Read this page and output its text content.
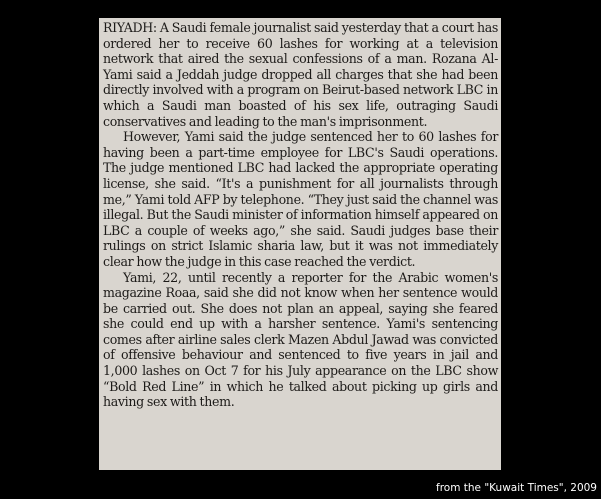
RIYADH: A Saudi female journalist said yesterday that a court has ordered her to receive 60 lashes for working at a television network that aired the sexual confessions of a man. Rozana Al-Yami said a Jeddah judge dropped all charges that she had been directly involved with a program on Beirut-based network LBC in which a Saudi man boasted of his sex life, outraging Saudi conservatives and leading to the man's imprisonment.

However, Yami said the judge sentenced her to 60 lashes for having been a part-time employee for LBC's Saudi operations. The judge mentioned LBC had lacked the appropriate operating license, she said. “It's a punishment for all journalists through me,” Yami told AFP by telephone. “They just said the channel was illegal. But the Saudi minister of information himself appeared on LBC a couple of weeks ago,” she said. Saudi judges base their rulings on strict Islamic sharia law, but it was not immediately clear how the judge in this case reached the verdict.

Yami, 22, until recently a reporter for the Arabic women's magazine Roaa, said she did not know when her sentence would be carried out. She does not plan an appeal, saying she feared she could end up with a harsher sentence. Yami's sentencing comes after airline sales clerk Mazen Abdul Jawad was convicted of offensive behaviour and sentenced to five years in jail and 1,000 lashes on Oct 7 for his July appearance on the LBC show “Bold Red Line” in which he talked about picking up girls and having sex with them.

from the "Kuwait Times", 2009
